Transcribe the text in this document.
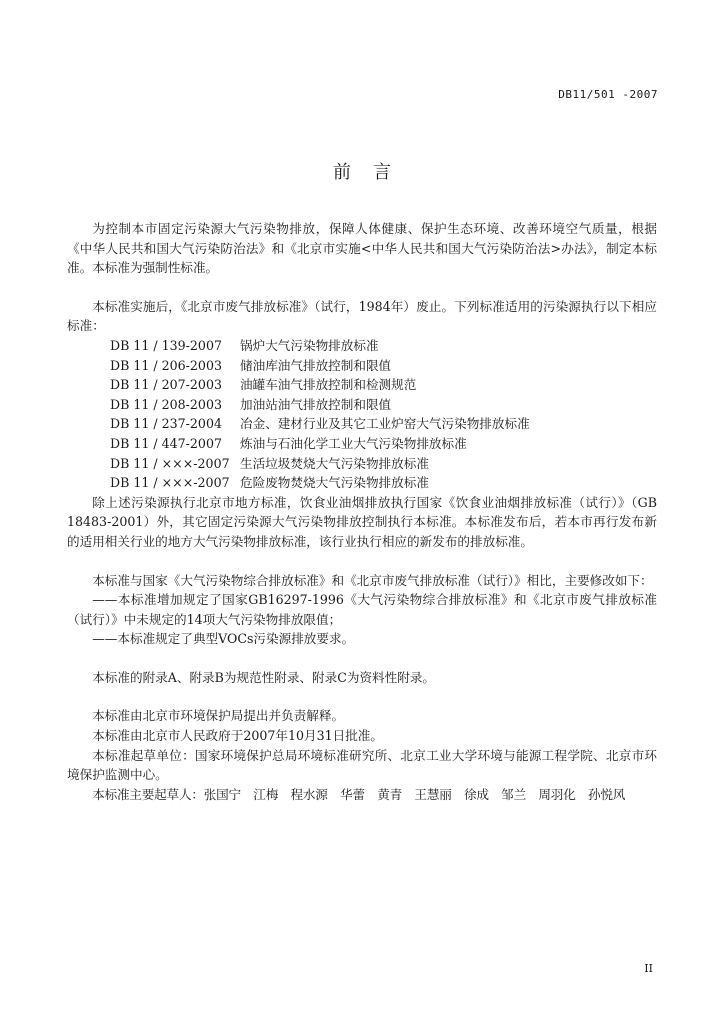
DB11/501 -2007
前言

为控制本市固定污染源大气污染物排放，保障人体健康、保护生态环境、改善环境空气质量，根据《中华人民共和国大气污染防治法》和《北京市实施<中华人民共和国大气污染防治法>办法》，制定本标准。本标准为强制性标准。

本标准实施后，《北京市废气排放标准》（试行，1984年）废止。下列标准适用的污染源执行以下相应标准：

DB 11 / 139-2007	锅炉大气污染物排放标准
DB 11 / 206-2003	储油库油气排放控制和限值
DB 11 / 207-2003	油罐车油气排放控制和检测规范
DB 11 / 208-2003	加油站油气排放控制和限值
DB 11 / 237-2004	冶金、建材行业及其它工业炉窑大气污染物排放标准
DB 11 / 447-2007	炼油与石油化学工业大气污染物排放标准
DB 11 / ×××-2007 生活垃圾焚烧大气污染物排放标准
DB 11 / ×××-2007 危险废物焚烧大气污染物排放标准

除上述污染源执行北京市地方标准，饮食业油烟排放执行国家《饮食业油烟排放标准（试行）》（GB 18483-2001）外，其它固定污染源大气污染物排放控制执行本标准。本标准发布后，若本市再行发布新的适用相关行业的地方大气污染物排放标准，该行业执行相应的新发布的排放标准。

本标准与国家《大气污染物综合排放标准》和《北京市废气排放标准（试行）》相比，主要修改如下：

——本标准增加规定了国家GB16297-1996《大气污染物综合排放标准》和《北京市废气排放标准（试行）》中未规定的14项大气污染物排放限值；

——本标准规定了典型VOCs污染源排放要求。

本标准的附录A、附录B为规范性附录、附录C为资料性附录。

本标准由北京市环境保护局提出并负责解释。

本标准由北京市人民政府于2007年10月31日批准。

本标准起草单位：国家环境保护总局环境标准研究所、北京工业大学环境与能源工程学院、北京市环境保护监测中心。

本标准主要起草人：张国宁　江梅　程水源　华蕾　黄青　王慧丽　徐成　邹兰　周羽化　孙悦风

II
